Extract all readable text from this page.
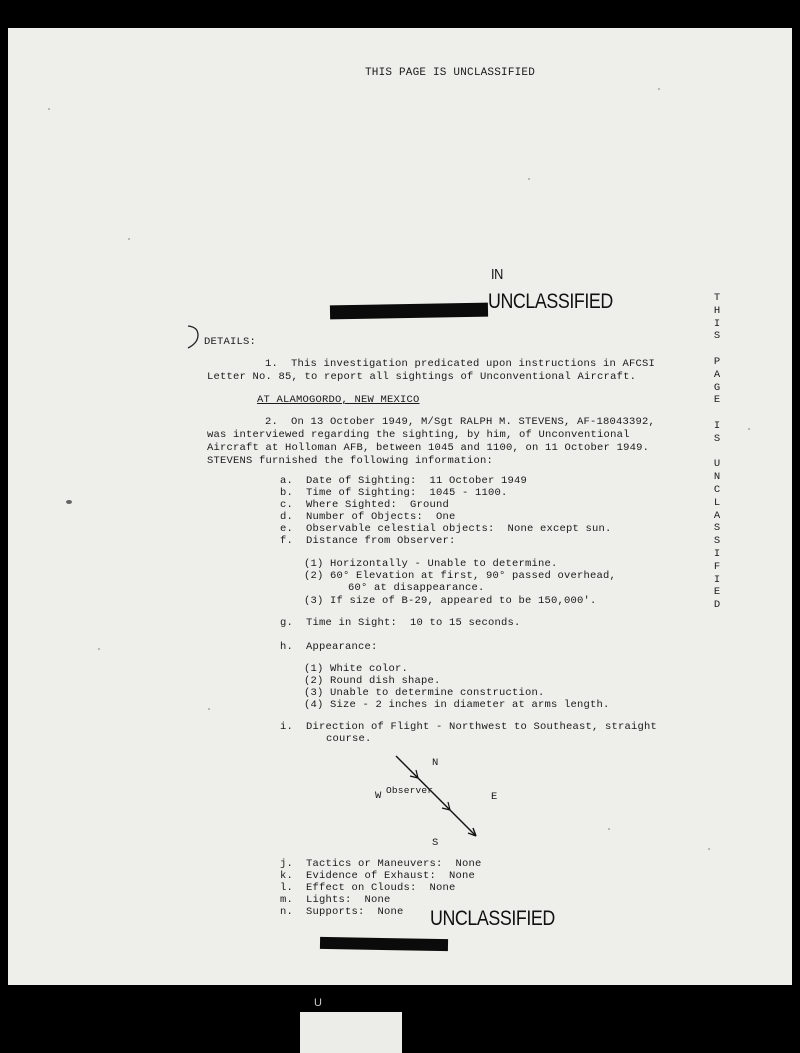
THIS PAGE IS UNCLASSIFIED
IN
UNCLASSIFIED	T
H
I
S

P
A
G
E

I
S

U
N
C
L
A
S
S
I
F
I
E
D
DETAILS:
1.  This investigation predicated upon instructions in AFCSI
Letter No. 85, to report all sightings of Unconventional Aircraft.
AT ALAMOGORDO, NEW MEXICO
2.  On 13 October 1949, M/Sgt RALPH M. STEVENS, AF-18043392,
was interviewed regarding the sighting, by him, of Unconventional
Aircraft at Holloman AFB, between 1045 and 1100, on 11 October 1949.
STEVENS furnished the following information:
a.  Date of Sighting:  11 October 1949
b.  Time of Sighting:  1045 - 1100.
c.  Where Sighted:  Ground
d.  Number of Objects:  One
e.  Observable celestial objects:  None except sun.
f.  Distance from Observer:
(1) Horizontally - Unable to determine.
(2) 60° Elevation at first, 90° passed overhead,
60° at disappearance.
(3) If size of B-29, appeared to be 150,000'.
g.  Time in Sight:  10 to 15 seconds.
h.  Appearance:
(1) White color.
(2) Round dish shape.
(3) Unable to determine construction.
(4) Size - 2 inches in diameter at arms length.
i.  Direction of Flight - Northwest to Southeast, straight
course.
N
W Observer
E
S
j.  Tactics or Maneuvers:  None
k.  Evidence of Exhaust:  None
l.  Effect on Clouds:  None
m.  Lights:  None
n.  Supports:  None UNCLASSIFIED
U
